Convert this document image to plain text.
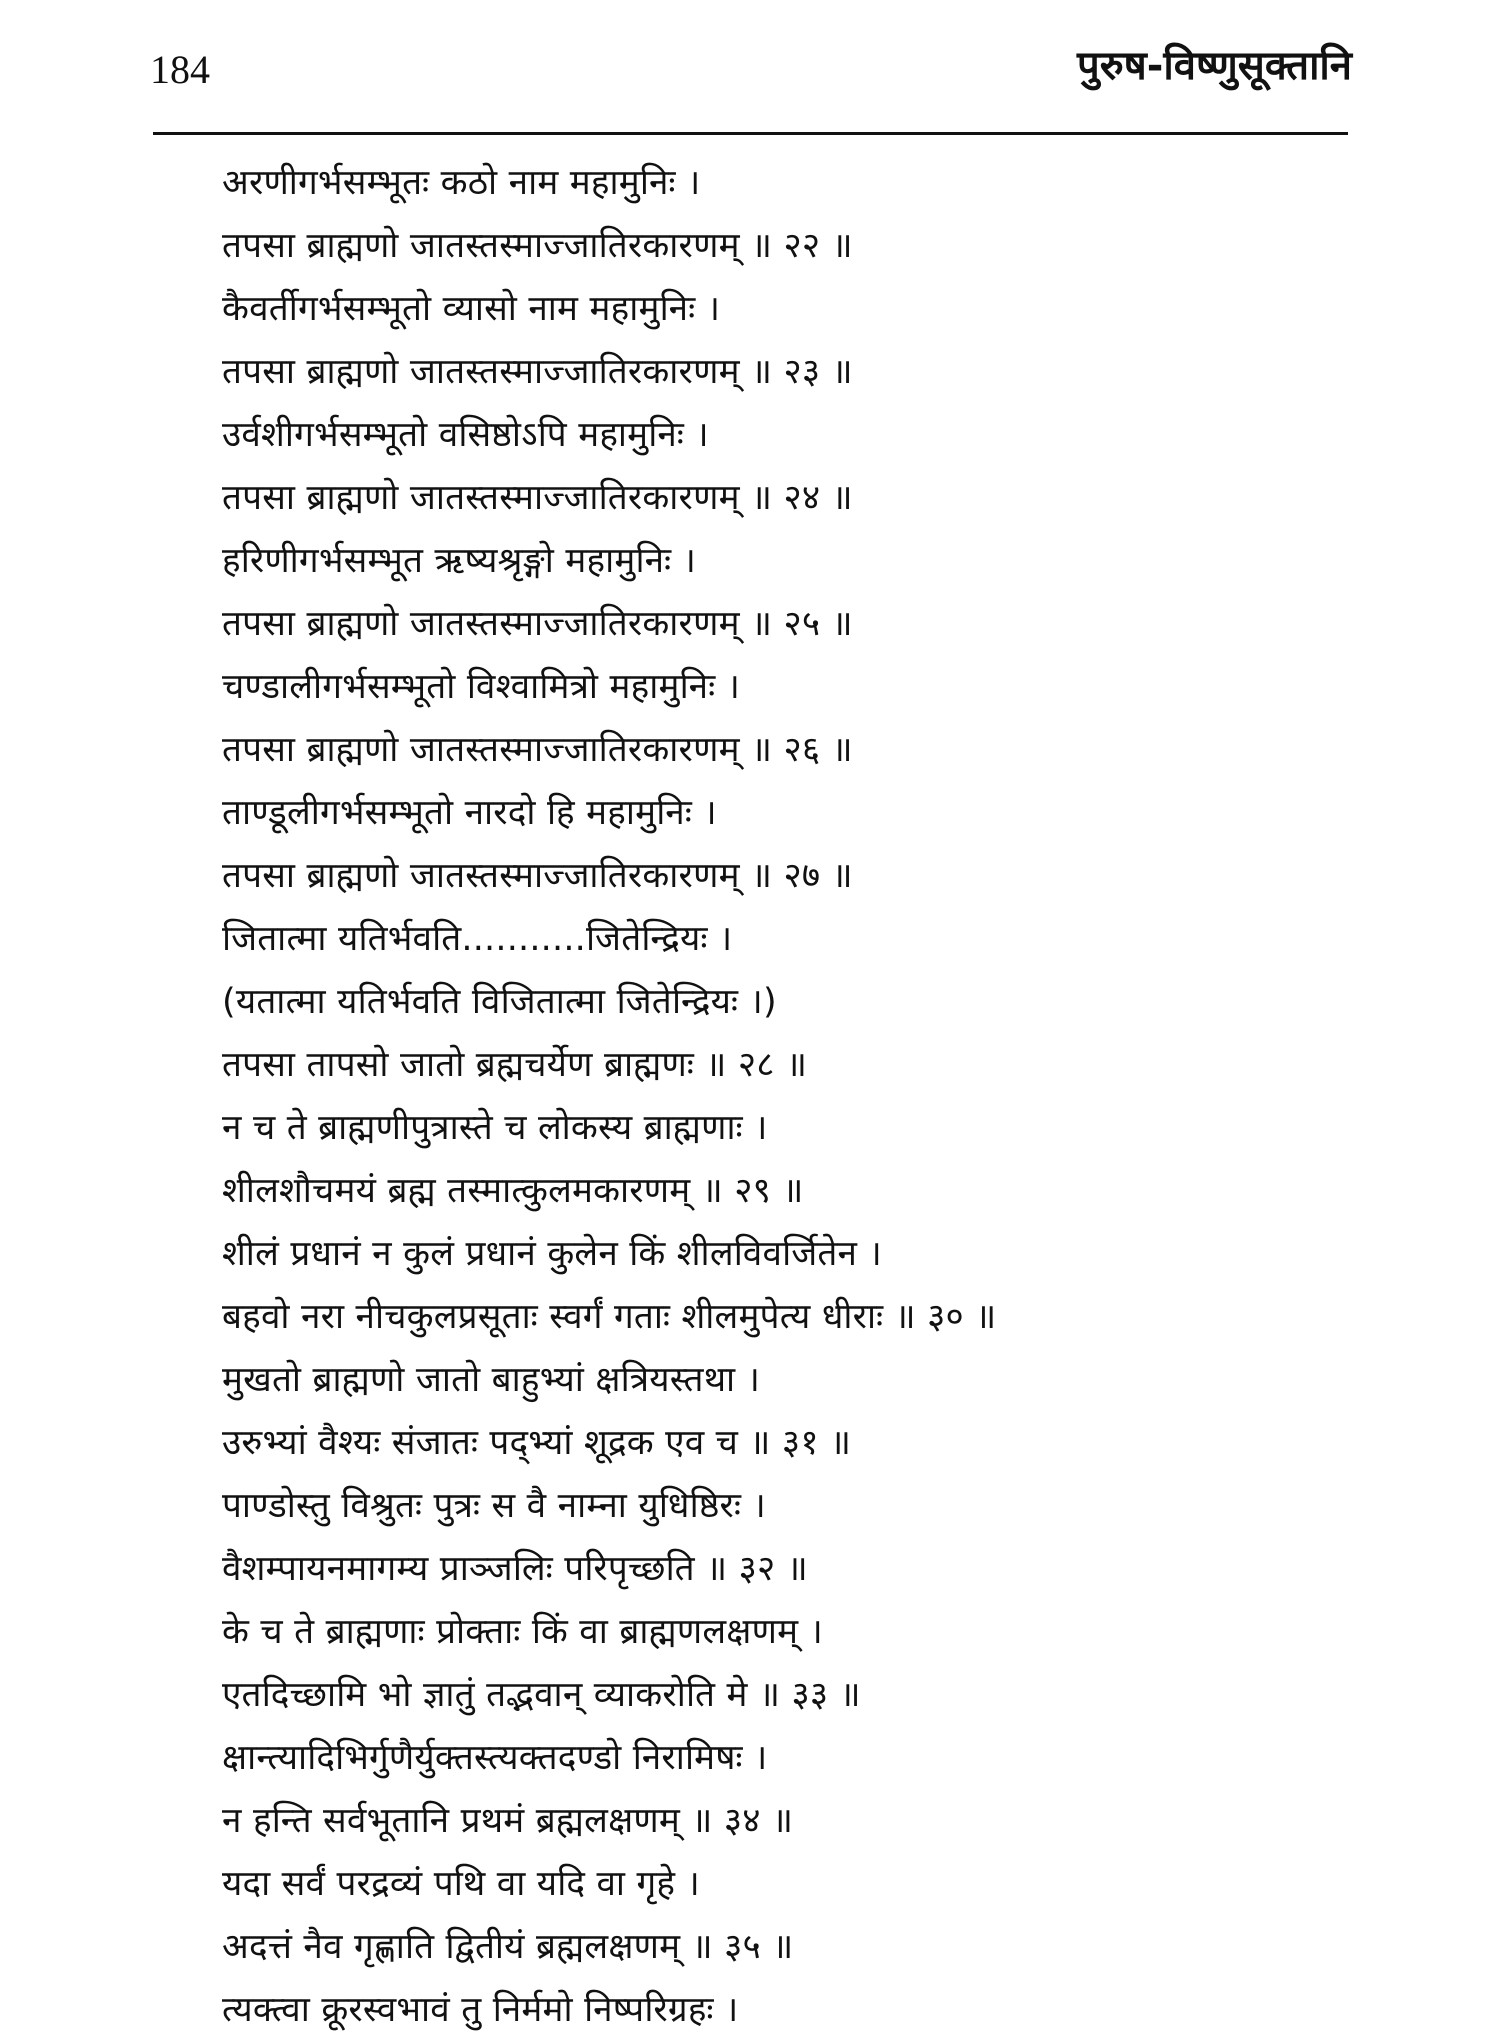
184	पुरुष-विष्णुसूक्तानि
अरणीगर्भसम्भूतः कठो नाम महामुनिः ।
तपसा ब्राह्मणो जातस्तस्माज्जातिरकारणम् ॥ २२ ॥
कैवर्तीगर्भसम्भूतो व्यासो नाम महामुनिः ।
तपसा ब्राह्मणो जातस्तस्माज्जातिरकारणम् ॥ २३ ॥
उर्वशीगर्भसम्भूतो वसिष्ठोऽपि महामुनिः ।
तपसा ब्राह्मणो जातस्तस्माज्जातिरकारणम् ॥ २४ ॥
हरिणीगर्भसम्भूत ऋष्यश्रृङ्गो महामुनिः ।
तपसा ब्राह्मणो जातस्तस्माज्जातिरकारणम् ॥ २५ ॥
चण्डालीगर्भसम्भूतो विश्वामित्रो महामुनिः ।
तपसा ब्राह्मणो जातस्तस्माज्जातिरकारणम् ॥ २६ ॥
ताण्डूलीगर्भसम्भूतो नारदो हि महामुनिः ।
तपसा ब्राह्मणो जातस्तस्माज्जातिरकारणम् ॥ २७ ॥
जितात्मा यतिर्भवति...........जितेन्द्रियः ।
(यतात्मा यतिर्भवति विजितात्मा जितेन्द्रियः ।)
तपसा तापसो जातो ब्रह्मचर्येण ब्राह्मणः ॥ २८ ॥
न च ते ब्राह्मणीपुत्रास्ते च लोकस्य ब्राह्मणाः ।
शीलशौचमयं ब्रह्म तस्मात्कुलमकारणम् ॥ २९ ॥
शीलं प्रधानं न कुलं प्रधानं कुलेन किं शीलविवर्जितेन ।
बहवो नरा नीचकुलप्रसूताः स्वर्गं गताः शीलमुपेत्य धीराः ॥ ३० ॥
मुखतो ब्राह्मणो जातो बाहुभ्यां क्षत्रियस्तथा ।
उरुभ्यां वैश्यः संजातः पद्भ्यां शूद्रक एव च ॥ ३१ ॥
पाण्डोस्तु विश्रुतः पुत्रः स वै नाम्ना युधिष्ठिरः ।
वैशम्पायनमागम्य प्राञ्जलिः परिपृच्छति ॥ ३२ ॥
के च ते ब्राह्मणाः प्रोक्ताः किं वा ब्राह्मणलक्षणम् ।
एतदिच्छामि भो ज्ञातुं तद्भवान् व्याकरोति मे ॥ ३३ ॥
क्षान्त्यादिभिर्गुणैर्युक्तस्त्यक्तदण्डो निरामिषः ।
न हन्ति सर्वभूतानि प्रथमं ब्रह्मलक्षणम् ॥ ३४ ॥
यदा सर्वं परद्रव्यं पथि वा यदि वा गृहे ।
अदत्तं नैव गृह्णाति द्वितीयं ब्रह्मलक्षणम् ॥ ३५ ॥
त्यक्त्वा क्रूरस्वभावं तु निर्ममो निष्परिग्रहः ।
